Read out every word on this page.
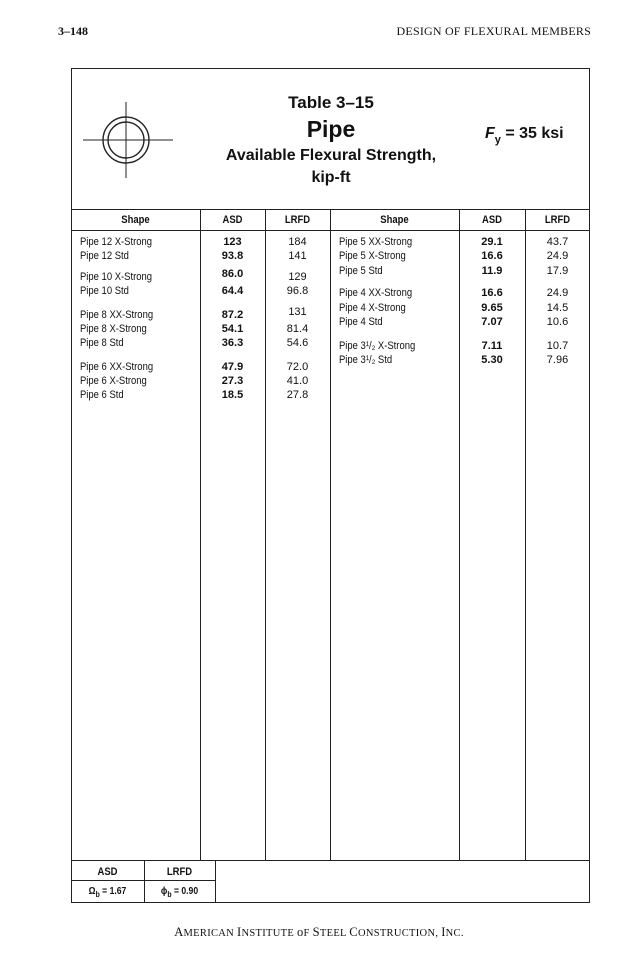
3–148	DESIGN OF FLEXURAL MEMBERS
Table 3–15
Pipe
Available Flexural Strength,
kip-ft
$F_y = 35$ ksi
Shape	ASD	LRFD	Shape	ASD	LRFD
Pipe 12 X-Strong	123	184
Pipe 12 Std	93.8	141
Pipe 10 X-Strong	86.0	129
Pipe 10 Std	64.4	96.8
Pipe 8 XX-Strong	87.2	131
Pipe 8 X-Strong	54.1	81.4
Pipe 8 Std	36.3	54.6
Pipe 6 XX-Strong	47.9	72.0
Pipe 6 X-Strong	27.3	41.0
Pipe 6 Std	18.5	27.8
Pipe 5 XX-Strong	29.1	43.7
Pipe 5 X-Strong	16.6	24.9
Pipe 5 Std	11.9	17.9
Pipe 4 XX-Strong	16.6	24.9
Pipe 4 X-Strong	9.65	14.5
Pipe 4 Std	7.07	10.6
Pipe 3¹/₂ X-Strong	7.11	10.7
Pipe 3¹/₂ Std	5.30	7.96
ASD	LRFD
$\Omega_b = 1.67$	$\phi_b = 0.90$
AMERICAN INSTITUTE oF STEEL CONSTRUCTION, INC.
